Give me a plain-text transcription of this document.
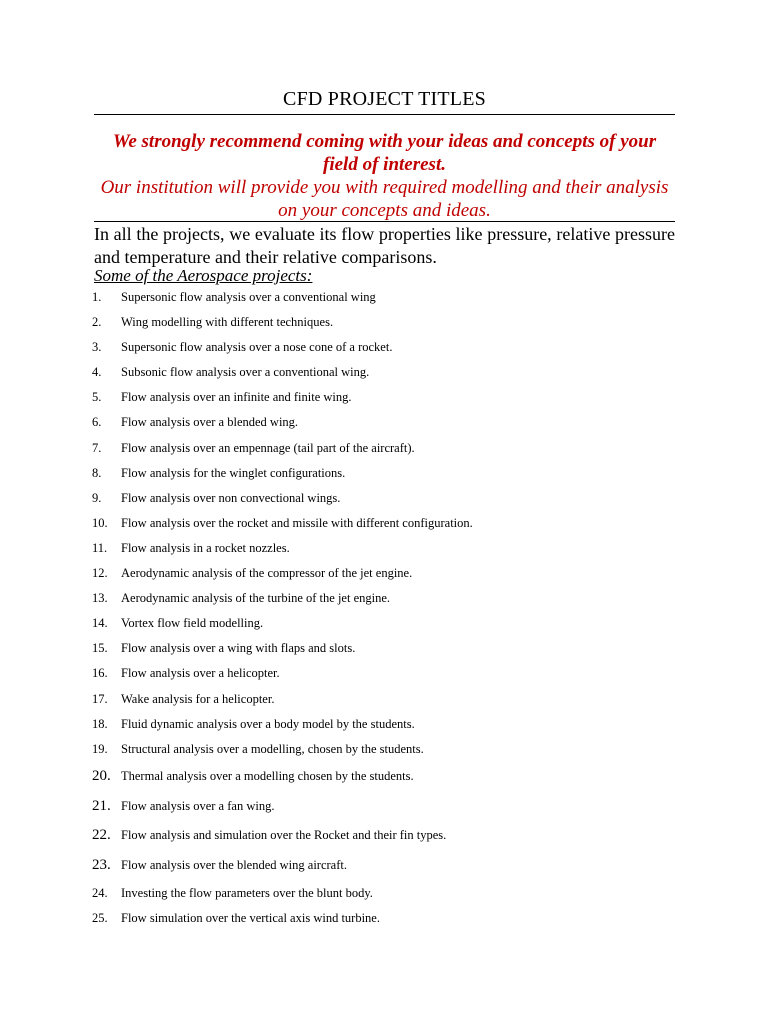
CFD PROJECT TITLES
We strongly recommend coming with your ideas and concepts of your field of interest.
Our institution will provide you with required modelling and their analysis on your concepts and ideas.
In all the projects, we evaluate its flow properties like pressure, relative pressure and temperature and their relative comparisons.
Some of the Aerospace projects:
1.	Supersonic flow analysis over a conventional wing
2.	Wing modelling with different techniques.
3.	Supersonic flow analysis over a nose cone of a rocket.
4.	Subsonic flow analysis over a conventional wing.
5.	Flow analysis over an infinite and finite wing.
6.	Flow analysis over a blended wing.
7.	Flow analysis over an empennage (tail part of the aircraft).
8.	Flow analysis for the winglet configurations.
9.	Flow analysis over non convectional wings.
10.	Flow analysis over the rocket and missile with different configuration.
11.	Flow analysis in a rocket nozzles.
12.	Aerodynamic analysis of the compressor of the jet engine.
13.	Aerodynamic analysis of the turbine of the jet engine.
14.	Vortex flow field modelling.
15.	Flow analysis over a wing with flaps and slots.
16.	Flow analysis over a helicopter.
17.	Wake analysis for a helicopter.
18.	Fluid dynamic analysis over a body model by the students.
19.	Structural analysis over a modelling, chosen by the students.
20. Thermal analysis over a modelling chosen by the students.
21. Flow analysis over a fan wing.
22. Flow analysis and simulation over the Rocket and their fin types.
23. Flow analysis over the blended wing aircraft.
24.	Investing the flow parameters over the blunt body.
25.	Flow simulation over the vertical axis wind turbine.
